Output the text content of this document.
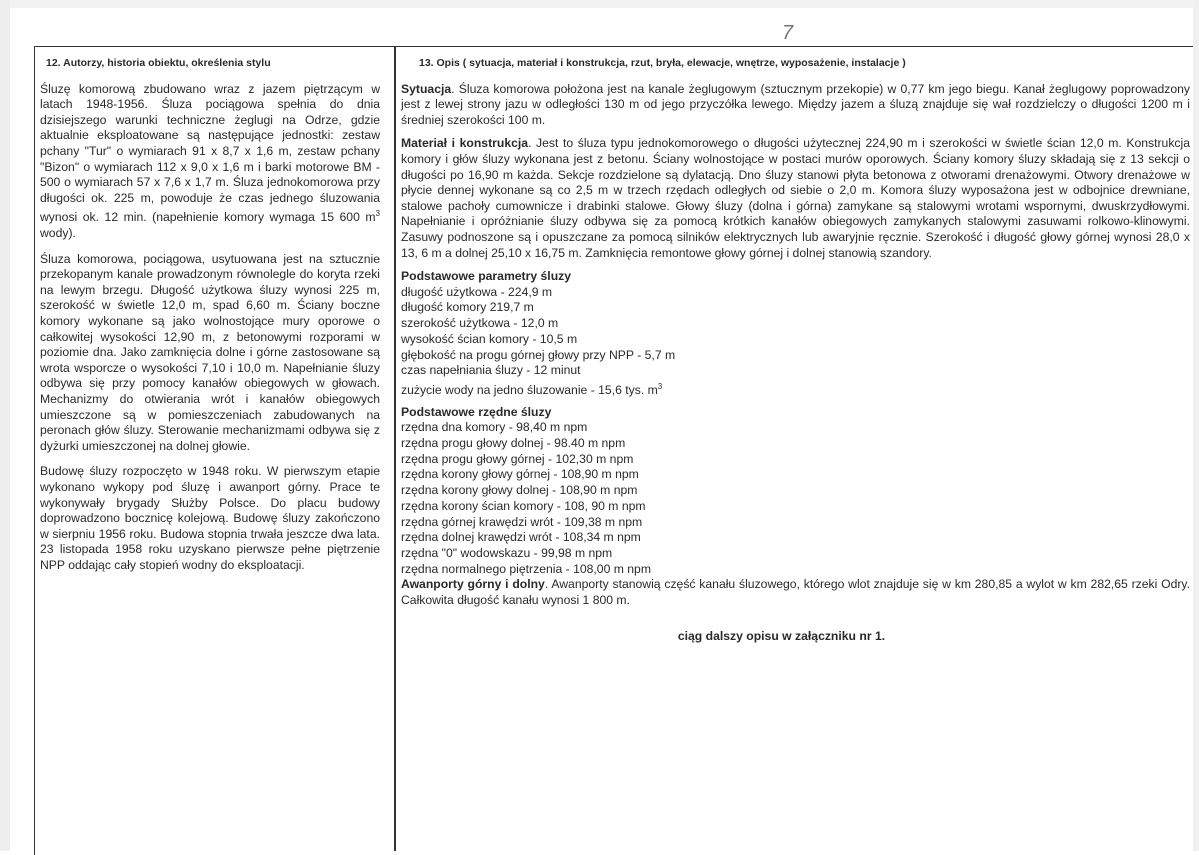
7
12. Autorzy, historia obiektu, określenia stylu

Śluzę komorową zbudowano wraz z jazem piętrzącym w latach 1948-1956. Śluza pociągowa spełnia do dnia dzisiejszego warunki techniczne żeglugi na Odrze, gdzie aktualnie eksploatowane są następujące jednostki: zestaw pchany "Tur" o wymiarach 91 x 8,7 x 1,6 m, zestaw pchany "Bizon" o wymiarach 112 x 9,0 x 1,6 m i barki motorowe BM - 500 o wymiarach 57 x 7,6 x 1,7 m. Śluza jednokomorowa przy długości ok. 225 m, powoduje że czas jednego śluzowania wynosi ok. 12 min. (napełnienie komory wymaga 15 600 $m^3$ wody).

Śluza komorowa, pociągowa, usytuowana jest na sztucznie przekopanym kanale prowadzonym równolegle do koryta rzeki na lewym brzegu. Długość użytkowa śluzy wynosi 225 m, szerokość w świetle 12,0 m, spad 6,60 m. Ściany boczne komory wykonane są jako wolnostojące mury oporowe o całkowitej wysokości 12,90 m, z betonowymi rozporami w poziomie dna. Jako zamknięcia dolne i górne zastosowane są wrota wsporcze o wysokości 7,10 i 10,0 m. Napełnianie śluzy odbywa się przy pomocy kanałów obiegowych w głowach. Mechanizmy do otwierania wrót i kanałów obiegowych umieszczone są w pomieszczeniach zabudowanych na peronach głów śluzy. Sterowanie mechanizmami odbywa się z dyżurki umieszczonej na dolnej głowie.

Budowę śluzy rozpoczęto w 1948 roku. W pierwszym etapie wykonano wykopy pod śluzę i awanport górny. Prace te wykonywały brygady Służby Polsce. Do placu budowy doprowadzono bocznicę kolejową. Budowę śluzy zakończono w sierpniu 1956 roku. Budowa stopnia trwała jeszcze dwa lata. 23 listopada 1958 roku uzyskano pierwsze pełne piętrzenie NPP oddając cały stopień wodny do eksploatacji.

13. Opis ( sytuacja, materiał i konstrukcja, rzut, bryła, elewacje, wnętrze, wyposażenie, instalacje )

Sytuacja. Śluza komorowa położona jest na kanale żeglugowym (sztucznym przekopie) w 0,77 km jego biegu. Kanał żeglugowy poprowadzony jest z lewej strony jazu w odległości 130 m od jego przyczółka lewego. Między jazem a śluzą znajduje się wał rozdzielczy o długości 1200 m i średniej szerokości 100 m.

Materiał i konstrukcja. Jest to śluza typu jednokomorowego o długości użytecznej 224,90 m i szerokości w świetle ścian 12,0 m. Konstrukcja komory i głów śluzy wykonana jest z betonu. Ściany wolnostojące w postaci murów oporowych. Ściany komory śluzy składają się z 13 sekcji o długości po 16,90 m każda. Sekcje rozdzielone są dylatacją. Dno śluzy stanowi płyta betonowa z otworami drenażowymi. Otwory drenażowe w płycie dennej wykonane są co 2,5 m w trzech rzędach odległych od siebie o 2,0 m. Komora śluzy wyposażona jest w odbojnice drewniane, stalowe pachoły cumownicze i drabinki stalowe. Głowy śluzy (dolna i górna) zamykane są stalowymi wrotami wspornymi, dwuskrzydłowymi. Napełnianie i opróżnianie śluzy odbywa się za pomocą krótkich kanałów obiegowych zamykanych stalowymi zasuwami rolkowo-klinowymi. Zasuwy podnoszone są i opuszczane za pomocą silników elektrycznych lub awaryjnie ręcznie. Szerokość i długość głowy górnej wynosi 28,0 x 13, 6 m a dolnej 25,10 x 16,75 m. Zamknięcia remontowe głowy górnej i dolnej stanowią szandory.

Podstawowe parametry śluzy
długość użytkowa - 224,9 m
długość komory 219,7 m
szerokość użytkowa - 12,0 m
wysokość ścian komory - 10,5 m
głębokość na progu górnej głowy przy NPP - 5,7 m
czas napełniania śluzy - 12 minut
zużycie wody na jedno śluzowanie - 15,6 tys. $m^3$
Podstawowe rzędne śluzy
rzędna dna komory - 98,40 m npm
rzędna progu głowy dolnej - 98.40 m npm
rzędna progu głowy górnej - 102,30 m npm
rzędna korony głowy górnej - 108,90 m npm
rzędna korony głowy dolnej - 108,90 m npm
rzędna korony ścian komory - 108, 90 m npm
rzędna górnej krawędzi wrót - 109,38 m npm
rzędna dolnej krawędzi wrót - 108,34 m npm
rzędna "0" wodowskazu - 99,98 m npm
rzędna normalnego piętrzenia - 108,00 m npm

Awanporty górny i dolny. Awanporty stanowią część kanału śluzowego, którego wlot znajduje się w km 280,85 a wylot w km 282,65 rzeki Odry. Całkowita długość kanału wynosi 1 800 m.

ciąg dalszy opisu w załączniku nr 1.
